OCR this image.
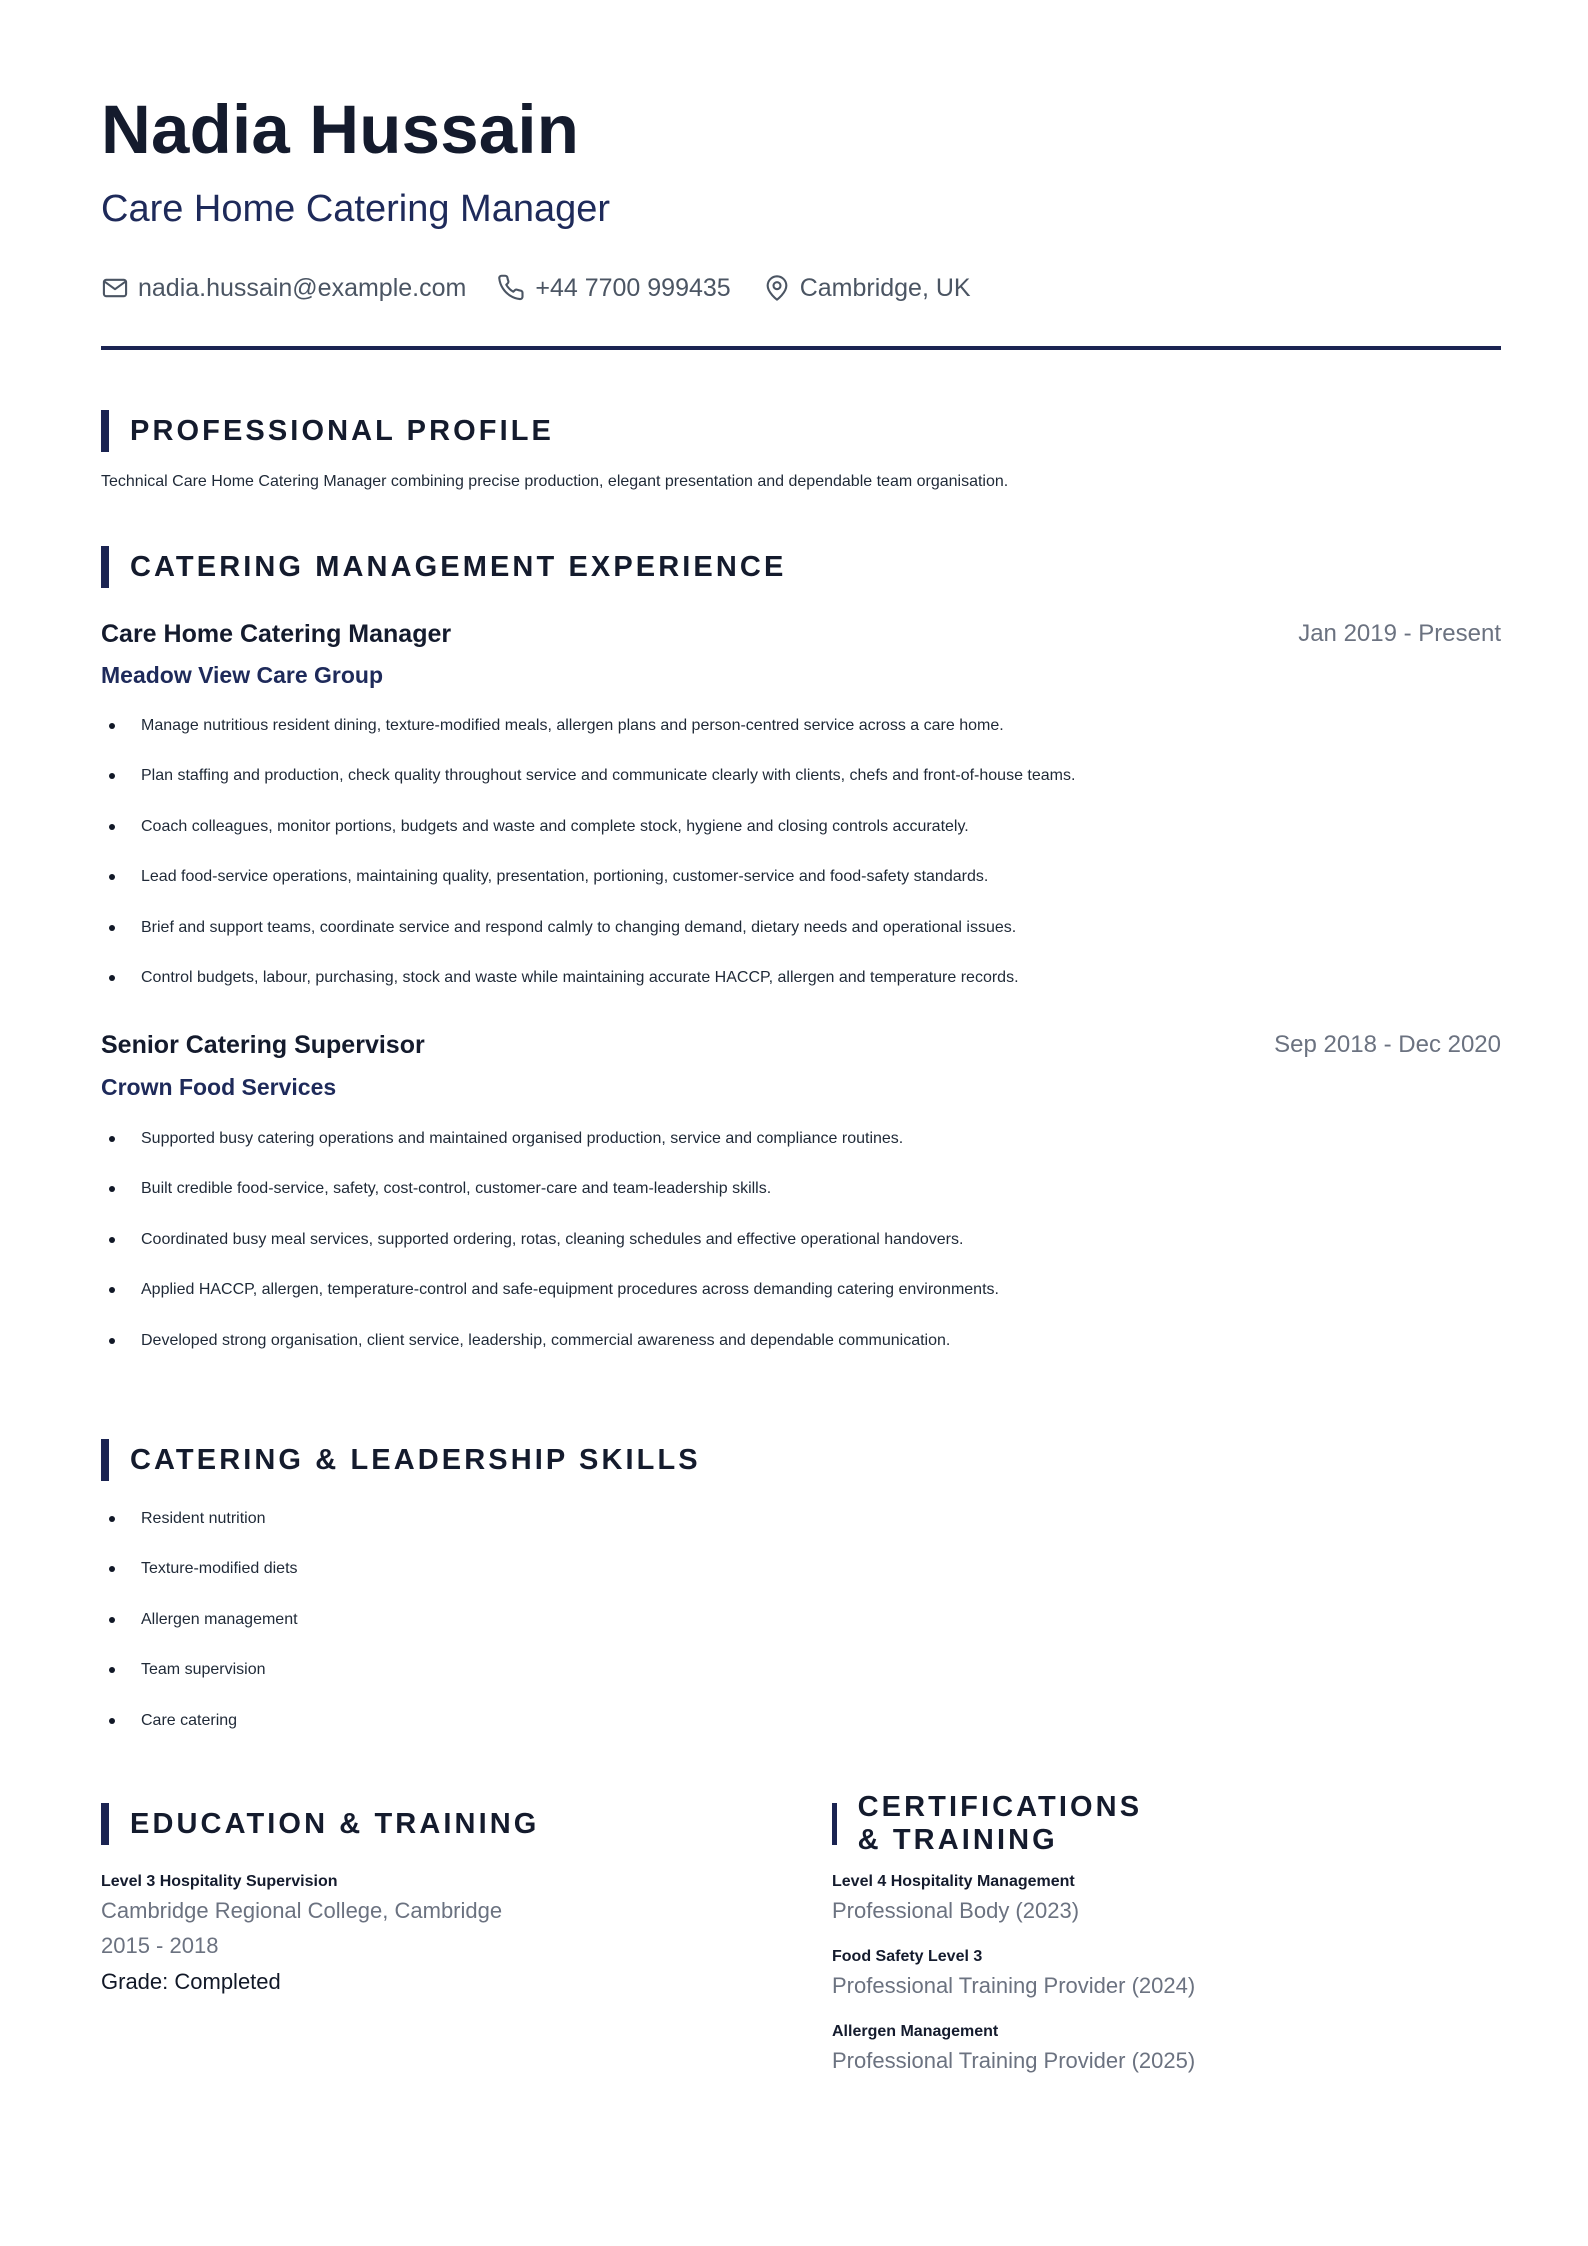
Nadia Hussain
Care Home Catering Manager
nadia.hussain@example.com	+44 7700 999435	Cambridge, UK
PROFESSIONAL PROFILE
Technical Care Home Catering Manager combining precise production, elegant presentation and dependable team organisation.
CATERING MANAGEMENT EXPERIENCE
Care Home Catering Manager	Jan 2019 - Present
Meadow View Care Group
Manage nutritious resident dining, texture-modified meals, allergen plans and person-centred service across a care home.
Plan staffing and production, check quality throughout service and communicate clearly with clients, chefs and front-of-house teams.
Coach colleagues, monitor portions, budgets and waste and complete stock, hygiene and closing controls accurately.
Lead food-service operations, maintaining quality, presentation, portioning, customer-service and food-safety standards.
Brief and support teams, coordinate service and respond calmly to changing demand, dietary needs and operational issues.
Control budgets, labour, purchasing, stock and waste while maintaining accurate HACCP, allergen and temperature records.
Senior Catering Supervisor	Sep 2018 - Dec 2020
Crown Food Services
Supported busy catering operations and maintained organised production, service and compliance routines.
Built credible food-service, safety, cost-control, customer-care and team-leadership skills.
Coordinated busy meal services, supported ordering, rotas, cleaning schedules and effective operational handovers.
Applied HACCP, allergen, temperature-control and safe-equipment procedures across demanding catering environments.
Developed strong organisation, client service, leadership, commercial awareness and dependable communication.
CATERING & LEADERSHIP SKILLS
Resident nutrition
Texture-modified diets
Allergen management
Team supervision
Care catering
EDUCATION & TRAINING
Level 3 Hospitality Supervision
Cambridge Regional College, Cambridge
2015 - 2018
Grade: Completed
CERTIFICATIONS & TRAINING
Level 4 Hospitality Management
Professional Body (2023)
Food Safety Level 3
Professional Training Provider (2024)
Allergen Management
Professional Training Provider (2025)
